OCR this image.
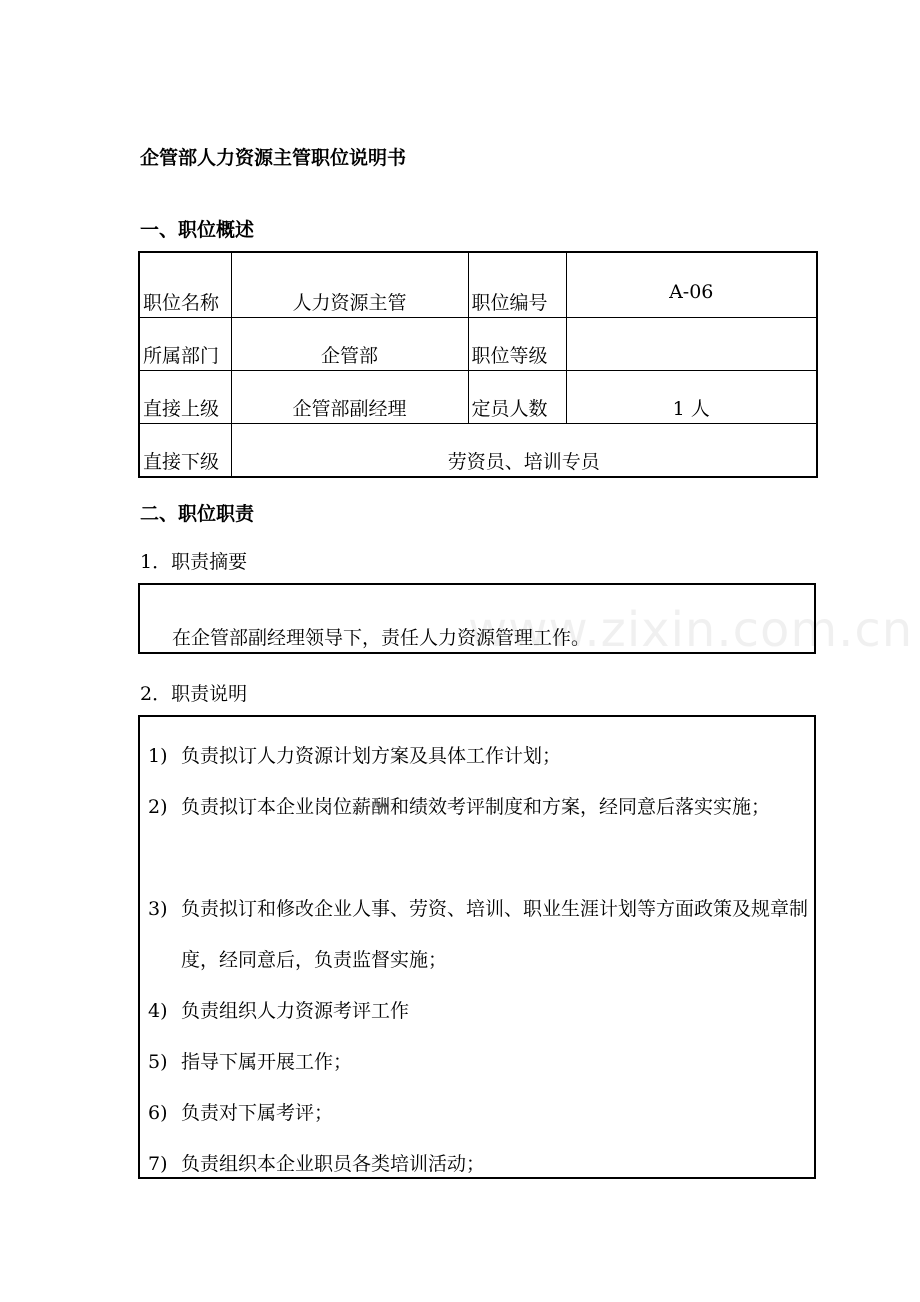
企管部人力资源主管职位说明书
一、职位概述
职位名称	人力资源主管	职位编号	A-06
所属部门	企管部	职位等级	
直接上级	企管部副经理	定员人数	1 人
直接下级	劳资员、培训专员		
二、职位职责
1．职责摘要
在企管部副经理领导下，责任人力资源管理工作。
www.zixin.com.cn
2．职责说明
1) 负责拟订人力资源计划方案及具体工作计划；
2) 负责拟订本企业岗位薪酬和绩效考评制度和方案，经同意后落实实施；
3) 负责拟订和修改企业人事、劳资、培训、职业生涯计划等方面政策及规章制度，经同意后，负责监督实施；
4) 负责组织人力资源考评工作
5) 指导下属开展工作；
6) 负责对下属考评；
7) 负责组织本企业职员各类培训活动；
